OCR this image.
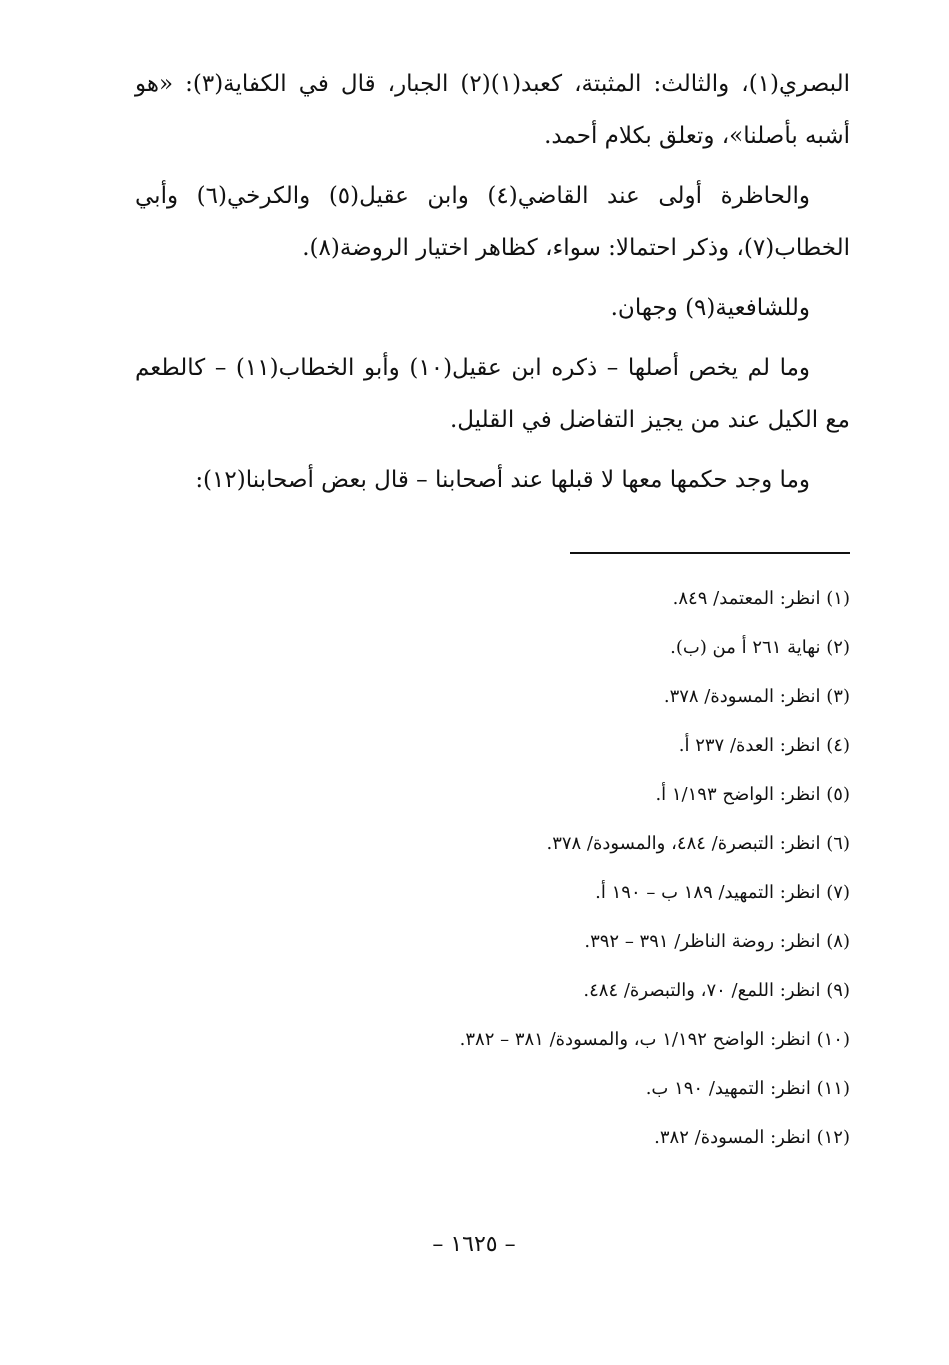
البصري(١)، والثالث: المثبتة، كعبد(١)(٢) الجبار، قال في الكفاية(٣): «هو أشبه بأصلنا»، وتعلق بكلام أحمد.

والحاظرة أولى عند القاضي(٤) وابن عقيل(٥) والكرخي(٦) وأبي الخطاب(٧)، وذكر احتمالا: سواء، كظاهر اختيار الروضة(٨).

وللشافعية(٩) وجهان.

وما لم يخص أصلها – ذكره ابن عقيل(١٠) وأبو الخطاب(١١) – كالطعم مع الكيل عند من يجيز التفاضل في القليل.

وما وجد حكمها معها لا قبلها عند أصحابنا – قال بعض أصحابنا(١٢):

(١) انظر: المعتمد/ ٨٤٩.
(٢) نهاية ٢٦١ أ من (ب).
(٣) انظر: المسودة/ ٣٧٨.
(٤) انظر: العدة/ ٢٣٧ أ.
(٥) انظر: الواضح ١/١٩٣ أ.
(٦) انظر: التبصرة/ ٤٨٤، والمسودة/ ٣٧٨.
(٧) انظر: التمهيد/ ١٨٩ ب – ١٩٠ أ.
(٨) انظر: روضة الناظر/ ٣٩١ – ٣٩٢.
(٩) انظر: اللمع/ ٧٠، والتبصرة/ ٤٨٤.
(١٠) انظر: الواضح ١/١٩٢ ب، والمسودة/ ٣٨١ – ٣٨٢.
(١١) انظر: التمهيد/ ١٩٠ ب.
(١٢) انظر: المسودة/ ٣٨٢.
– ١٦٢٥ –
